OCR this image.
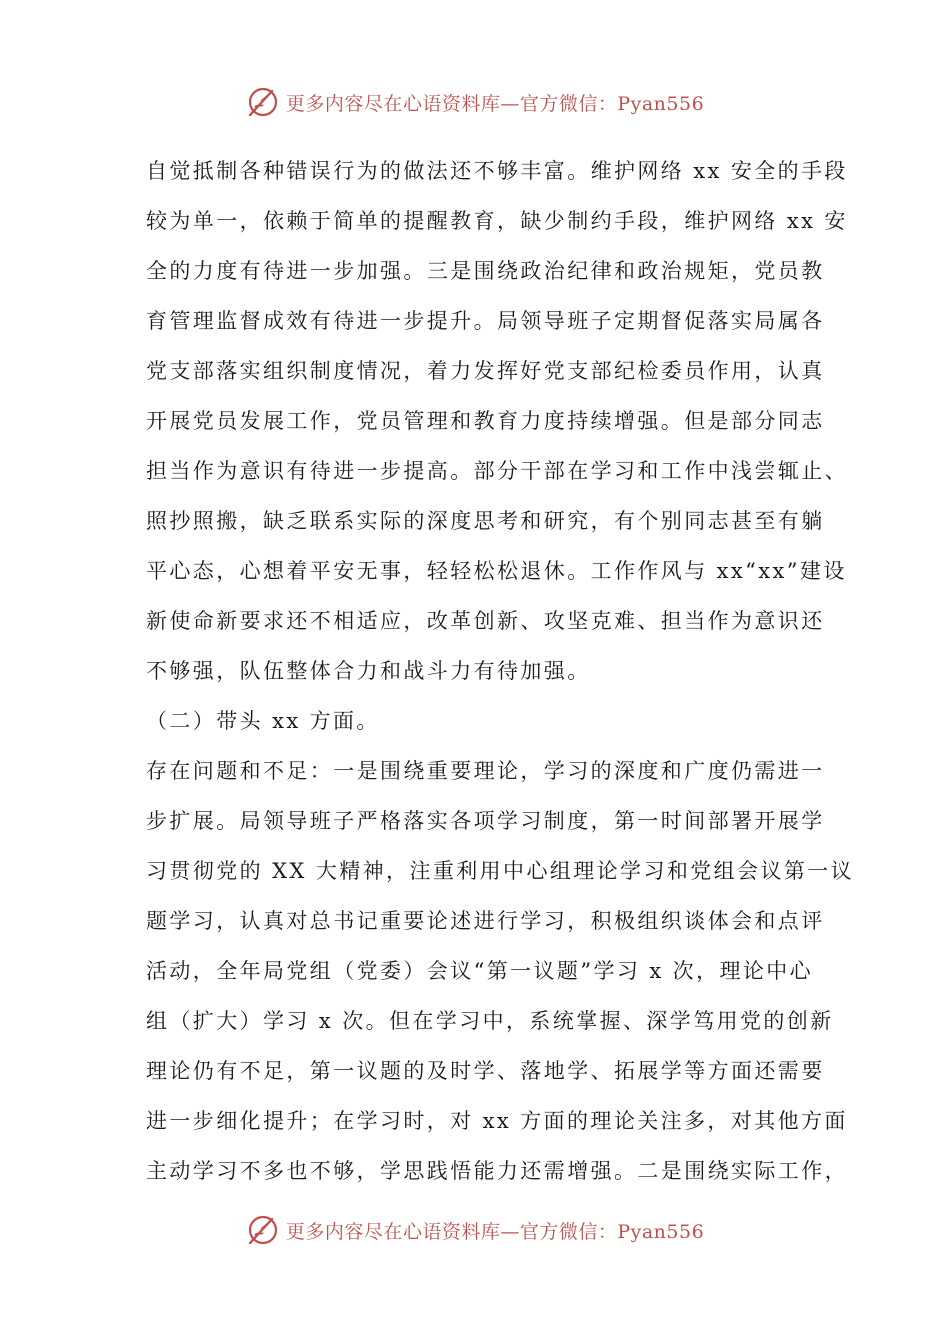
更多内容尽在心语资料库—官方微信：Pyan556
自觉抵制各种错误行为的做法还不够丰富。维护网络 xx 安全的手段
较为单一，依赖于简单的提醒教育，缺少制约手段，维护网络 xx 安
全的力度有待进一步加强。三是围绕政治纪律和政治规矩，党员教
育管理监督成效有待进一步提升。局领导班子定期督促落实局属各
党支部落实组织制度情况，着力发挥好党支部纪检委员作用，认真
开展党员发展工作，党员管理和教育力度持续增强。但是部分同志
担当作为意识有待进一步提高。部分干部在学习和工作中浅尝辄止、
照抄照搬，缺乏联系实际的深度思考和研究，有个别同志甚至有躺
平心态，心想着平安无事，轻轻松松退休。工作作风与 xx“xx”建设
新使命新要求还不相适应，改革创新、攻坚克难、担当作为意识还
不够强，队伍整体合力和战斗力有待加强。
（二）带头 xx 方面。
存在问题和不足：一是围绕重要理论，学习的深度和广度仍需进一
步扩展。局领导班子严格落实各项学习制度，第一时间部署开展学
习贯彻党的 XX 大精神，注重利用中心组理论学习和党组会议第一议
题学习，认真对总书记重要论述进行学习，积极组织谈体会和点评
活动，全年局党组（党委）会议“第一议题”学习 x 次，理论中心
组（扩大）学习 x 次。但在学习中，系统掌握、深学笃用党的创新
理论仍有不足，第一议题的及时学、落地学、拓展学等方面还需要
进一步细化提升；在学习时，对 xx 方面的理论关注多，对其他方面
主动学习不多也不够，学思践悟能力还需增强。二是围绕实际工作，
更多内容尽在心语资料库—官方微信：Pyan556
